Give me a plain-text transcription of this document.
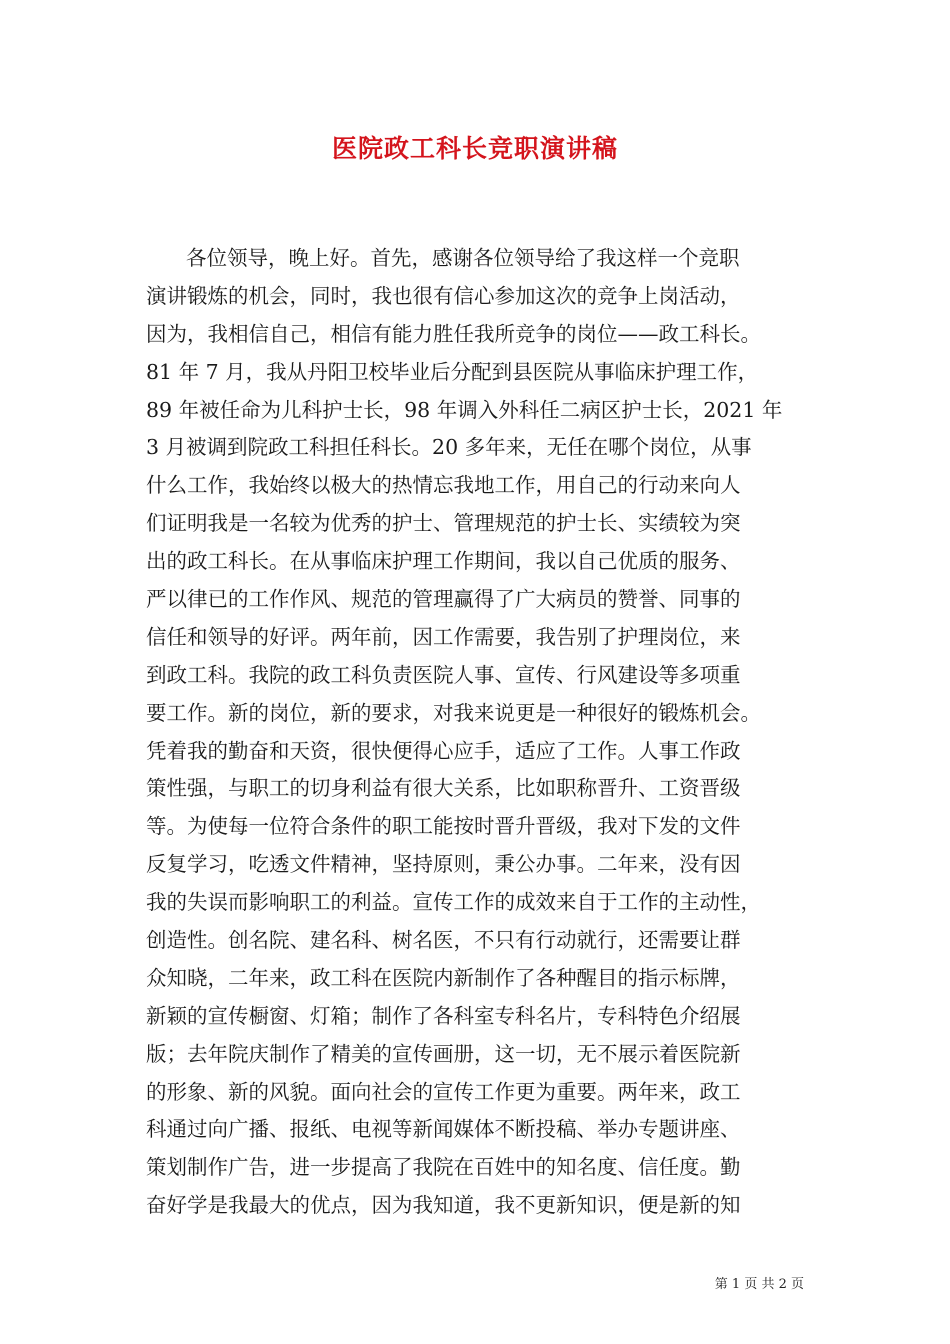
医院政工科长竞职演讲稿
各位领导，晚上好。首先，感谢各位领导给了我这样一个竞职
演讲锻炼的机会，同时，我也很有信心参加这次的竞争上岗活动，
因为，我相信自己，相信有能力胜任我所竞争的岗位——政工科长。
81 年 7 月，我从丹阳卫校毕业后分配到县医院从事临床护理工作，
89 年被任命为儿科护士长，98 年调入外科任二病区护士长，2021 年
3 月被调到院政工科担任科长。20 多年来，无任在哪个岗位，从事
什么工作，我始终以极大的热情忘我地工作，用自己的行动来向人
们证明我是一名较为优秀的护士、管理规范的护士长、实绩较为突
出的政工科长。在从事临床护理工作期间，我以自己优质的服务、
严以律已的工作作风、规范的管理赢得了广大病员的赞誉、同事的
信任和领导的好评。两年前，因工作需要，我告别了护理岗位，来
到政工科。我院的政工科负责医院人事、宣传、行风建设等多项重
要工作。新的岗位，新的要求，对我来说更是一种很好的锻炼机会。
凭着我的勤奋和天资，很快便得心应手，适应了工作。人事工作政
策性强，与职工的切身利益有很大关系，比如职称晋升、工资晋级
等。为使每一位符合条件的职工能按时晋升晋级，我对下发的文件
反复学习，吃透文件精神，坚持原则，秉公办事。二年来，没有因
我的失误而影响职工的利益。宣传工作的成效来自于工作的主动性，
创造性。创名院、建名科、树名医，不只有行动就行，还需要让群
众知晓，二年来，政工科在医院内新制作了各种醒目的指示标牌，
新颖的宣传橱窗、灯箱；制作了各科室专科名片，专科特色介绍展
版；去年院庆制作了精美的宣传画册，这一切，无不展示着医院新
的形象、新的风貌。面向社会的宣传工作更为重要。两年来，政工
科通过向广播、报纸、电视等新闻媒体不断投稿、举办专题讲座、
策划制作广告，进一步提高了我院在百姓中的知名度、信任度。勤
奋好学是我最大的优点，因为我知道，我不更新知识，便是新的知
第 1 页 共 2 页
